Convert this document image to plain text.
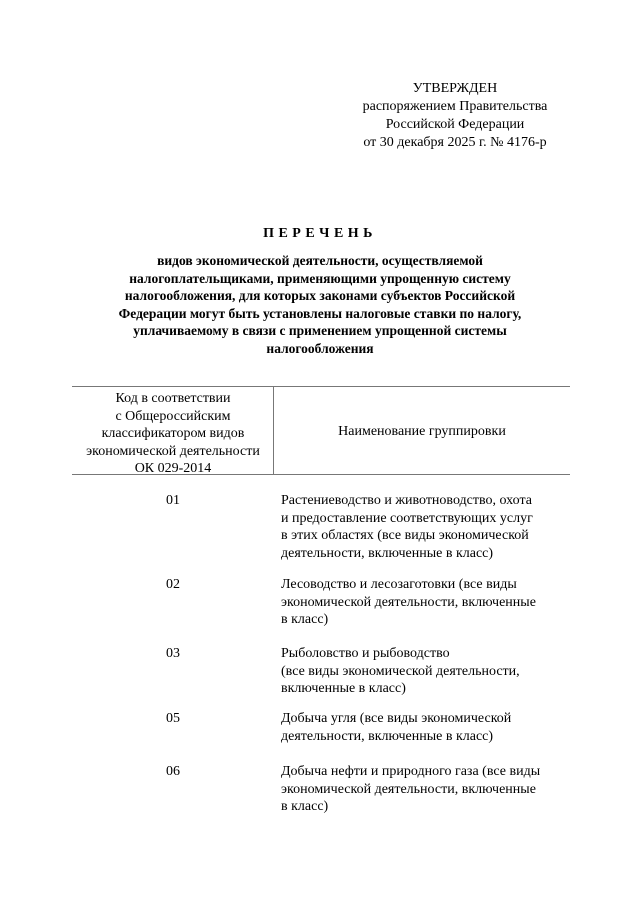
УТВЕРЖДЕН
распоряжением Правительства
Российской Федерации
от 30 декабря 2025 г. № 4176-р
ПЕРЕЧЕНЬ
видов экономической деятельности, осуществляемой
налогоплательщиками, применяющими упрощенную систему
налогообложения, для которых законами субъектов Российской
Федерации могут быть установлены налоговые ставки по налогу,
уплачиваемому в связи с применением упрощенной системы
налогообложения
Код в соответствии
с Общероссийским
классификатором видов
экономической деятельности
ОК 029-2014
Наименование группировки
01	Растениеводство и животноводство, охота
и предоставление соответствующих услуг
в этих областях (все виды экономической
деятельности, включенные в класс)
02	Лесоводство и лесозаготовки (все виды
экономической деятельности, включенные
в класс)
03	Рыболовство и рыбоводство
(все виды экономической деятельности,
включенные в класс)
05	Добыча угля (все виды экономической
деятельности, включенные в класс)
06	Добыча нефти и природного газа (все виды
экономической деятельности, включенные
в класс)
